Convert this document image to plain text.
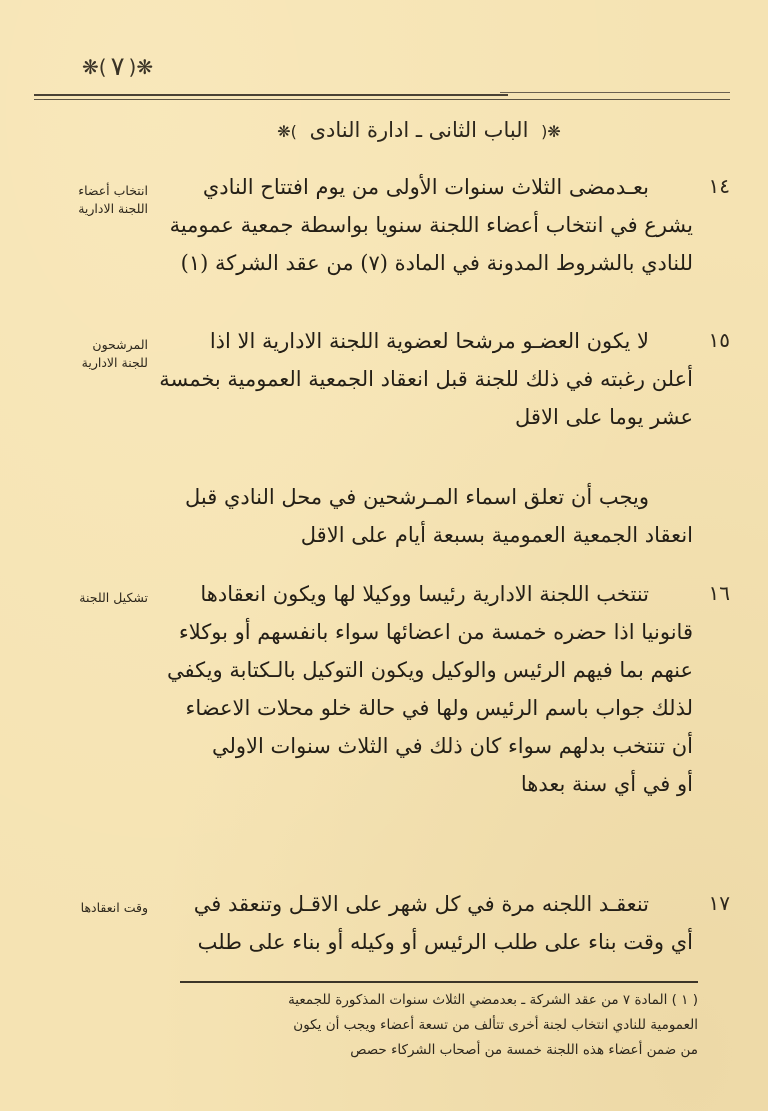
❋(
٧
)❋
❋( الباب الثانى ـ ادارة النادى )❋
١٤
انتخاب أعضاء
اللجنة الادارية
بعـدمضى الثلاث سنوات الأولى من يوم افتتاح النادي
يشرع في انتخاب أعضاء اللجنة سنويا بواسطة جمعية عمومية
للنادي بالشروط المدونة في المادة (٧) من عقد الشركة (١)
١٥
المرشحون
للجنة الادارية
لا يكون العضـو مرشحا لعضوية اللجنة الادارية الا اذا
أعلن رغبته في ذلك للجنة قبل انعقاد الجمعية العمومية بخمسة
عشر يوما على الاقل
ويجب أن تعلق اسماء المـرشحين في محل النادي قبل
انعقاد الجمعية العمومية بسبعة أيام على الاقل
١٦
تشكيل اللجنة	تنتخب اللجنة الادارية رئيسا ووكيلا لها ويكون انعقادها
قانونيا اذا حضره خمسة من اعضائها سواء بانفسهم أو بوكلاء
عنهم بما فيهم الرئيس والوكيل ويكون التوكيل بالـكتابة ويكفي
لذلك جواب باسم الرئيس ولها في حالة خلو محلات الاعضاء
أن تنتخب بدلهم سواء كان ذلك في الثلاث سنوات الاولي
أو في أي سنة بعدها
١٧
وقت انعقادها	تنعقـد اللجنه مرة في كل شهر على الاقـل وتنعقد في
أي وقت بناء على طلب الرئيس أو وكيله أو بناء على طلب
( ١ ) المادة ٧ من عقد الشركة ـ بعدمضي الثلاث سنوات المذكورة للجمعية
العمومية للنادي انتخاب لجنة أخرى تتألف من تسعة أعضاء ويجب أن يكون
من ضمن أعضاء هذه اللجنة خمسة من أصحاب الشركاء حصص
